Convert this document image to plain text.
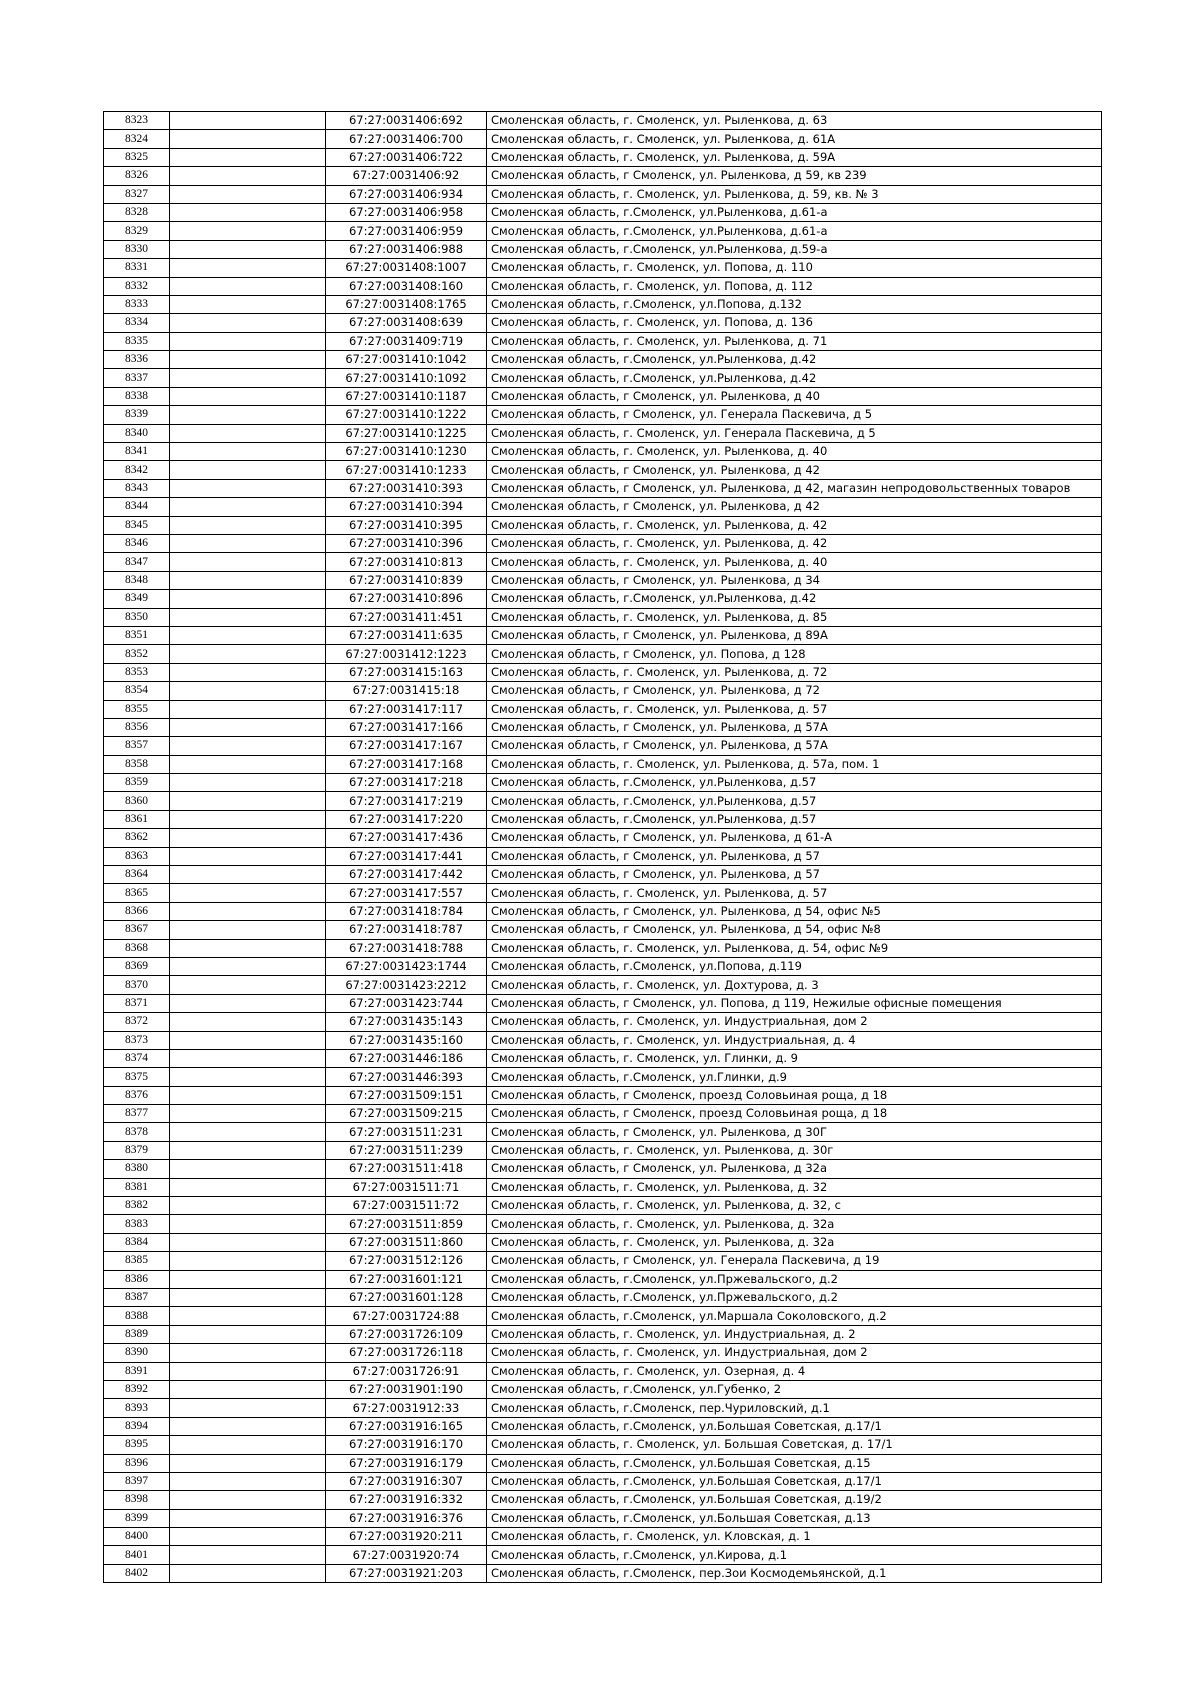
8323		67:27:0031406:692	Смоленская область, г. Смоленск, ул. Рыленкова, д. 63
8324		67:27:0031406:700	Смоленская область, г. Смоленск, ул. Рыленкова, д. 61А
8325		67:27:0031406:722	Смоленская область, г. Смоленск, ул. Рыленкова, д. 59А
8326		67:27:0031406:92	Смоленская область, г Смоленск, ул. Рыленкова, д 59, кв 239
8327		67:27:0031406:934	Смоленская область, г. Смоленск, ул. Рыленкова, д. 59, кв. № 3
8328		67:27:0031406:958	Смоленская область, г.Смоленск, ул.Рыленкова, д.61-а
8329		67:27:0031406:959	Смоленская область, г.Смоленск, ул.Рыленкова, д.61-а
8330		67:27:0031406:988	Смоленская область, г.Смоленск, ул.Рыленкова, д.59-а
8331		67:27:0031408:1007	Смоленская область, г. Смоленск, ул. Попова, д. 110
8332		67:27:0031408:160	Смоленская область, г. Смоленск, ул. Попова, д. 112
8333		67:27:0031408:1765	Смоленская область, г.Смоленск, ул.Попова, д.132
8334		67:27:0031408:639	Смоленская область, г. Смоленск, ул. Попова, д. 136
8335		67:27:0031409:719	Смоленская область, г. Смоленск, ул. Рыленкова, д. 71
8336		67:27:0031410:1042	Смоленская область, г.Смоленск, ул.Рыленкова, д.42
8337		67:27:0031410:1092	Смоленская область, г.Смоленск, ул.Рыленкова, д.42
8338		67:27:0031410:1187	Смоленская область, г Смоленск, ул. Рыленкова, д 40
8339		67:27:0031410:1222	Смоленская область, г Смоленск, ул. Генерала Паскевича, д 5
8340		67:27:0031410:1225	Смоленская область, г. Смоленск, ул. Генерала Паскевича, д 5
8341		67:27:0031410:1230	Смоленская область, г. Смоленск, ул. Рыленкова, д. 40
8342		67:27:0031410:1233	Смоленская область, г Смоленск, ул. Рыленкова, д 42
8343		67:27:0031410:393	Смоленская область, г Смоленск, ул. Рыленкова, д 42, магазин непродовольственных товаров
8344		67:27:0031410:394	Смоленская область, г Смоленск, ул. Рыленкова, д 42
8345		67:27:0031410:395	Смоленская область, г. Смоленск, ул. Рыленкова, д. 42
8346		67:27:0031410:396	Смоленская область, г. Смоленск, ул. Рыленкова, д. 42
8347		67:27:0031410:813	Смоленская область, г. Смоленск, ул. Рыленкова, д. 40
8348		67:27:0031410:839	Смоленская область, г Смоленск, ул. Рыленкова, д 34
8349		67:27:0031410:896	Смоленская область, г.Смоленск, ул.Рыленкова, д.42
8350		67:27:0031411:451	Смоленская область, г. Смоленск, ул. Рыленкова, д. 85
8351		67:27:0031411:635	Смоленская область, г Смоленск, ул. Рыленкова, д 89А
8352		67:27:0031412:1223	Смоленская область, г Смоленск, ул. Попова, д 128
8353		67:27:0031415:163	Смоленская область, г. Смоленск, ул. Рыленкова, д. 72
8354		67:27:0031415:18	Смоленская область, г Смоленск, ул. Рыленкова, д 72
8355		67:27:0031417:117	Смоленская область, г. Смоленск, ул. Рыленкова, д. 57
8356		67:27:0031417:166	Смоленская область, г Смоленск, ул. Рыленкова, д 57А
8357		67:27:0031417:167	Смоленская область, г Смоленск, ул. Рыленкова, д 57А
8358		67:27:0031417:168	Смоленская область, г. Смоленск, ул. Рыленкова, д. 57а, пом. 1
8359		67:27:0031417:218	Смоленская область, г.Смоленск, ул.Рыленкова, д.57
8360		67:27:0031417:219	Смоленская область, г.Смоленск, ул.Рыленкова, д.57
8361		67:27:0031417:220	Смоленская область, г.Смоленск, ул.Рыленкова, д.57
8362		67:27:0031417:436	Смоленская область, г Смоленск, ул. Рыленкова, д 61-А
8363		67:27:0031417:441	Смоленская область, г Смоленск, ул. Рыленкова, д 57
8364		67:27:0031417:442	Смоленская область, г Смоленск, ул. Рыленкова, д 57
8365		67:27:0031417:557	Смоленская область, г. Смоленск, ул. Рыленкова, д. 57
8366		67:27:0031418:784	Смоленская область, г Смоленск, ул. Рыленкова, д 54, офис №5
8367		67:27:0031418:787	Смоленская область, г Смоленск, ул. Рыленкова, д 54, офис №8
8368		67:27:0031418:788	Смоленская область, г. Смоленск, ул. Рыленкова, д. 54, офис №9
8369		67:27:0031423:1744	Смоленская область, г.Смоленск, ул.Попова, д.119
8370		67:27:0031423:2212	Смоленская область, г. Смоленск, ул. Дохтурова, д. 3
8371		67:27:0031423:744	Смоленская область, г Смоленск, ул. Попова, д 119, Нежилые офисные помещения
8372		67:27:0031435:143	Смоленская область, г. Смоленск, ул. Индустриальная, дом 2
8373		67:27:0031435:160	Смоленская область, г. Смоленск, ул. Индустриальная, д. 4
8374		67:27:0031446:186	Смоленская область, г. Смоленск, ул. Глинки, д. 9
8375		67:27:0031446:393	Смоленская область, г.Смоленск, ул.Глинки, д.9
8376		67:27:0031509:151	Смоленская область, г Смоленск, проезд Соловьиная роща, д 18
8377		67:27:0031509:215	Смоленская область, г Смоленск, проезд Соловьиная роща, д 18
8378		67:27:0031511:231	Смоленская область, г Смоленск, ул. Рыленкова, д 30Г
8379		67:27:0031511:239	Смоленская область, г. Смоленск, ул. Рыленкова, д. 30г
8380		67:27:0031511:418	Смоленская область, г Смоленск, ул. Рыленкова, д 32а
8381		67:27:0031511:71	Смоленская область, г. Смоленск, ул. Рыленкова, д. 32
8382		67:27:0031511:72	Смоленская область, г. Смоленск, ул. Рыленкова, д. 32, с
8383		67:27:0031511:859	Смоленская область, г. Смоленск, ул. Рыленкова, д. 32а
8384		67:27:0031511:860	Смоленская область, г. Смоленск, ул. Рыленкова, д. 32а
8385		67:27:0031512:126	Смоленская область, г Смоленск, ул. Генерала Паскевича, д 19
8386		67:27:0031601:121	Смоленская область, г.Смоленск, ул.Пржевальского, д.2
8387		67:27:0031601:128	Смоленская область, г.Смоленск, ул.Пржевальского, д.2
8388		67:27:0031724:88	Смоленская область, г.Смоленск, ул.Маршала Соколовского, д.2
8389		67:27:0031726:109	Смоленская область, г. Смоленск, ул. Индустриальная, д. 2
8390		67:27:0031726:118	Смоленская область, г. Смоленск, ул. Индустриальная, дом 2
8391		67:27:0031726:91	Смоленская область, г. Смоленск, ул. Озерная, д. 4
8392		67:27:0031901:190	Смоленская область, г.Смоленск, ул.Губенко, 2
8393		67:27:0031912:33	Смоленская область, г.Смоленск, пер.Чуриловский, д.1
8394		67:27:0031916:165	Смоленская область, г.Смоленск, ул.Большая Советская, д.17/1
8395		67:27:0031916:170	Смоленская область, г. Смоленск, ул. Большая Советская, д. 17/1
8396		67:27:0031916:179	Смоленская область, г.Смоленск, ул.Большая Советская, д.15
8397		67:27:0031916:307	Смоленская область, г.Смоленск, ул.Большая Советская, д.17/1
8398		67:27:0031916:332	Смоленская область, г.Смоленск, ул.Большая Советская, д.19/2
8399		67:27:0031916:376	Смоленская область, г.Смоленск, ул.Большая Советская, д.13
8400		67:27:0031920:211	Смоленская область, г. Смоленск, ул. Кловская, д. 1
8401		67:27:0031920:74	Смоленская область, г.Смоленск, ул.Кирова, д.1
8402		67:27:0031921:203	Смоленская область, г.Смоленск, пер.Зои Космодемьянской, д.1
